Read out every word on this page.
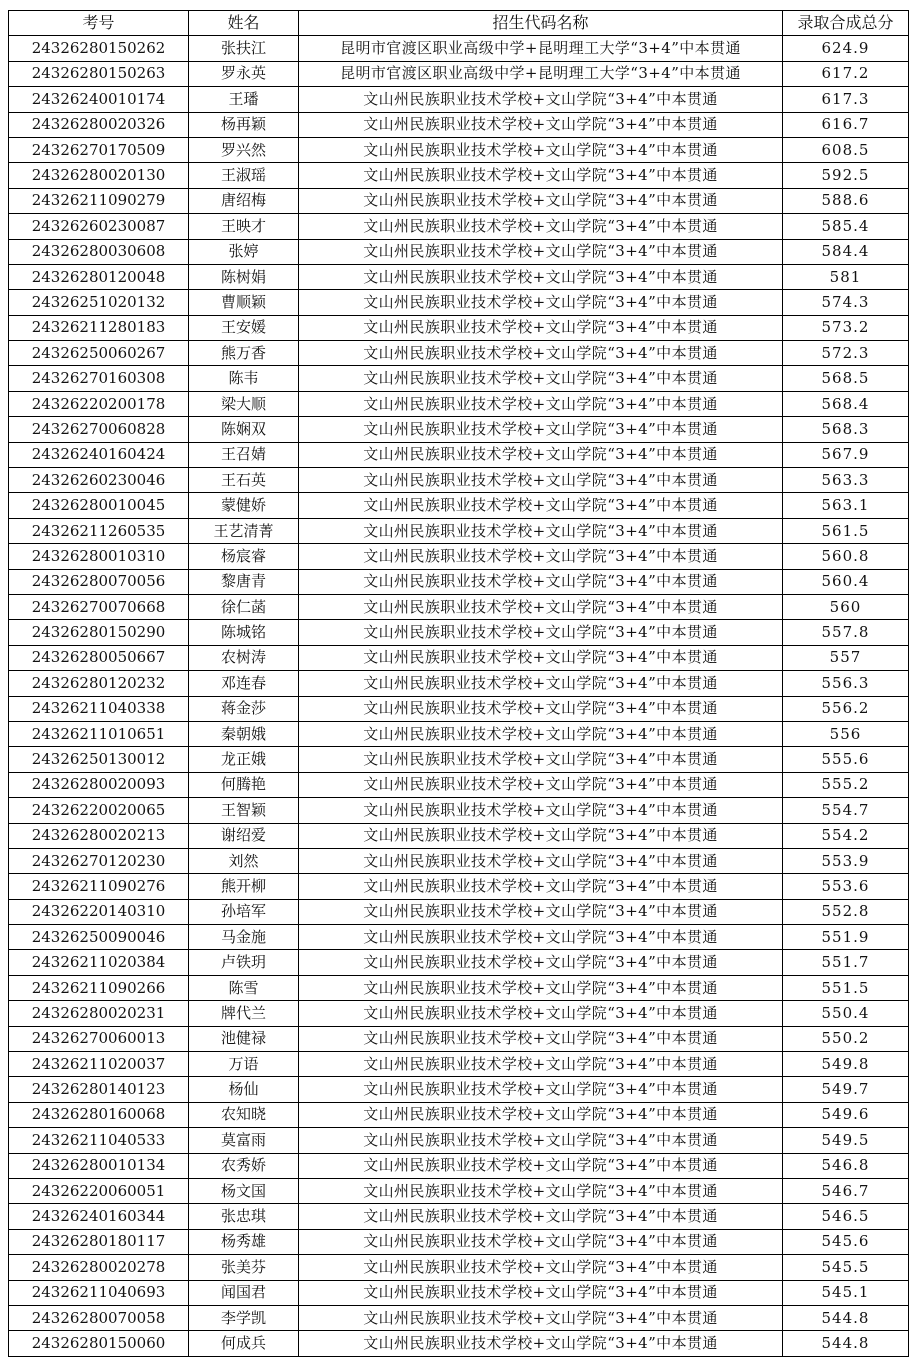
考号	姓名	招生代码名称	录取合成总分
24326280150262	张扶江	昆明市官渡区职业高级中学+昆明理工大学“3+4”中本贯通	624.9
24326280150263	罗永英	昆明市官渡区职业高级中学+昆明理工大学“3+4”中本贯通	617.2
24326240010174	王璠	文山州民族职业技术学校+文山学院“3+4”中本贯通	617.3
24326280020326	杨再颖	文山州民族职业技术学校+文山学院“3+4”中本贯通	616.7
24326270170509	罗兴然	文山州民族职业技术学校+文山学院“3+4”中本贯通	608.5
24326280020130	王淑瑶	文山州民族职业技术学校+文山学院“3+4”中本贯通	592.5
24326211090279	唐绍梅	文山州民族职业技术学校+文山学院“3+4”中本贯通	588.6
24326260230087	王映才	文山州民族职业技术学校+文山学院“3+4”中本贯通	585.4
24326280030608	张婷	文山州民族职业技术学校+文山学院“3+4”中本贯通	584.4
24326280120048	陈树娟	文山州民族职业技术学校+文山学院“3+4”中本贯通	581
24326251020132	曹顺颖	文山州民族职业技术学校+文山学院“3+4”中本贯通	574.3
24326211280183	王安媛	文山州民族职业技术学校+文山学院“3+4”中本贯通	573.2
24326250060267	熊万香	文山州民族职业技术学校+文山学院“3+4”中本贯通	572.3
24326270160308	陈韦	文山州民族职业技术学校+文山学院“3+4”中本贯通	568.5
24326220200178	梁大顺	文山州民族职业技术学校+文山学院“3+4”中本贯通	568.4
24326270060828	陈娴双	文山州民族职业技术学校+文山学院“3+4”中本贯通	568.3
24326240160424	王召婧	文山州民族职业技术学校+文山学院“3+4”中本贯通	567.9
24326260230046	王石英	文山州民族职业技术学校+文山学院“3+4”中本贯通	563.3
24326280010045	蒙健娇	文山州民族职业技术学校+文山学院“3+4”中本贯通	563.1
24326211260535	王艺清菁	文山州民族职业技术学校+文山学院“3+4”中本贯通	561.5
24326280010310	杨宸睿	文山州民族职业技术学校+文山学院“3+4”中本贯通	560.8
24326280070056	黎唐青	文山州民族职业技术学校+文山学院“3+4”中本贯通	560.4
24326270070668	徐仁菡	文山州民族职业技术学校+文山学院“3+4”中本贯通	560
24326280150290	陈城铭	文山州民族职业技术学校+文山学院“3+4”中本贯通	557.8
24326280050667	农树涛	文山州民族职业技术学校+文山学院“3+4”中本贯通	557
24326280120232	邓连春	文山州民族职业技术学校+文山学院“3+4”中本贯通	556.3
24326211040338	蒋金莎	文山州民族职业技术学校+文山学院“3+4”中本贯通	556.2
24326211010651	秦朝娥	文山州民族职业技术学校+文山学院“3+4”中本贯通	556
24326250130012	龙正娥	文山州民族职业技术学校+文山学院“3+4”中本贯通	555.6
24326280020093	何腾艳	文山州民族职业技术学校+文山学院“3+4”中本贯通	555.2
24326220020065	王智颖	文山州民族职业技术学校+文山学院“3+4”中本贯通	554.7
24326280020213	谢绍爱	文山州民族职业技术学校+文山学院“3+4”中本贯通	554.2
24326270120230	刘然	文山州民族职业技术学校+文山学院“3+4”中本贯通	553.9
24326211090276	熊开柳	文山州民族职业技术学校+文山学院“3+4”中本贯通	553.6
24326220140310	孙培军	文山州民族职业技术学校+文山学院“3+4”中本贯通	552.8
24326250090046	马金施	文山州民族职业技术学校+文山学院“3+4”中本贯通	551.9
24326211020384	卢铁玥	文山州民族职业技术学校+文山学院“3+4”中本贯通	551.7
24326211090266	陈雪	文山州民族职业技术学校+文山学院“3+4”中本贯通	551.5
24326280020231	牌代兰	文山州民族职业技术学校+文山学院“3+4”中本贯通	550.4
24326270060013	池健禄	文山州民族职业技术学校+文山学院“3+4”中本贯通	550.2
24326211020037	万语	文山州民族职业技术学校+文山学院“3+4”中本贯通	549.8
24326280140123	杨仙	文山州民族职业技术学校+文山学院“3+4”中本贯通	549.7
24326280160068	农知晓	文山州民族职业技术学校+文山学院“3+4”中本贯通	549.6
24326211040533	莫富雨	文山州民族职业技术学校+文山学院“3+4”中本贯通	549.5
24326280010134	农秀娇	文山州民族职业技术学校+文山学院“3+4”中本贯通	546.8
24326220060051	杨文国	文山州民族职业技术学校+文山学院“3+4”中本贯通	546.7
24326240160344	张忠琪	文山州民族职业技术学校+文山学院“3+4”中本贯通	546.5
24326280180117	杨秀雄	文山州民族职业技术学校+文山学院“3+4”中本贯通	545.6
24326280020278	张美芬	文山州民族职业技术学校+文山学院“3+4”中本贯通	545.5
24326211040693	闻国君	文山州民族职业技术学校+文山学院“3+4”中本贯通	545.1
24326280070058	李学凯	文山州民族职业技术学校+文山学院“3+4”中本贯通	544.8
24326280150060	何成兵	文山州民族职业技术学校+文山学院“3+4”中本贯通	544.8
